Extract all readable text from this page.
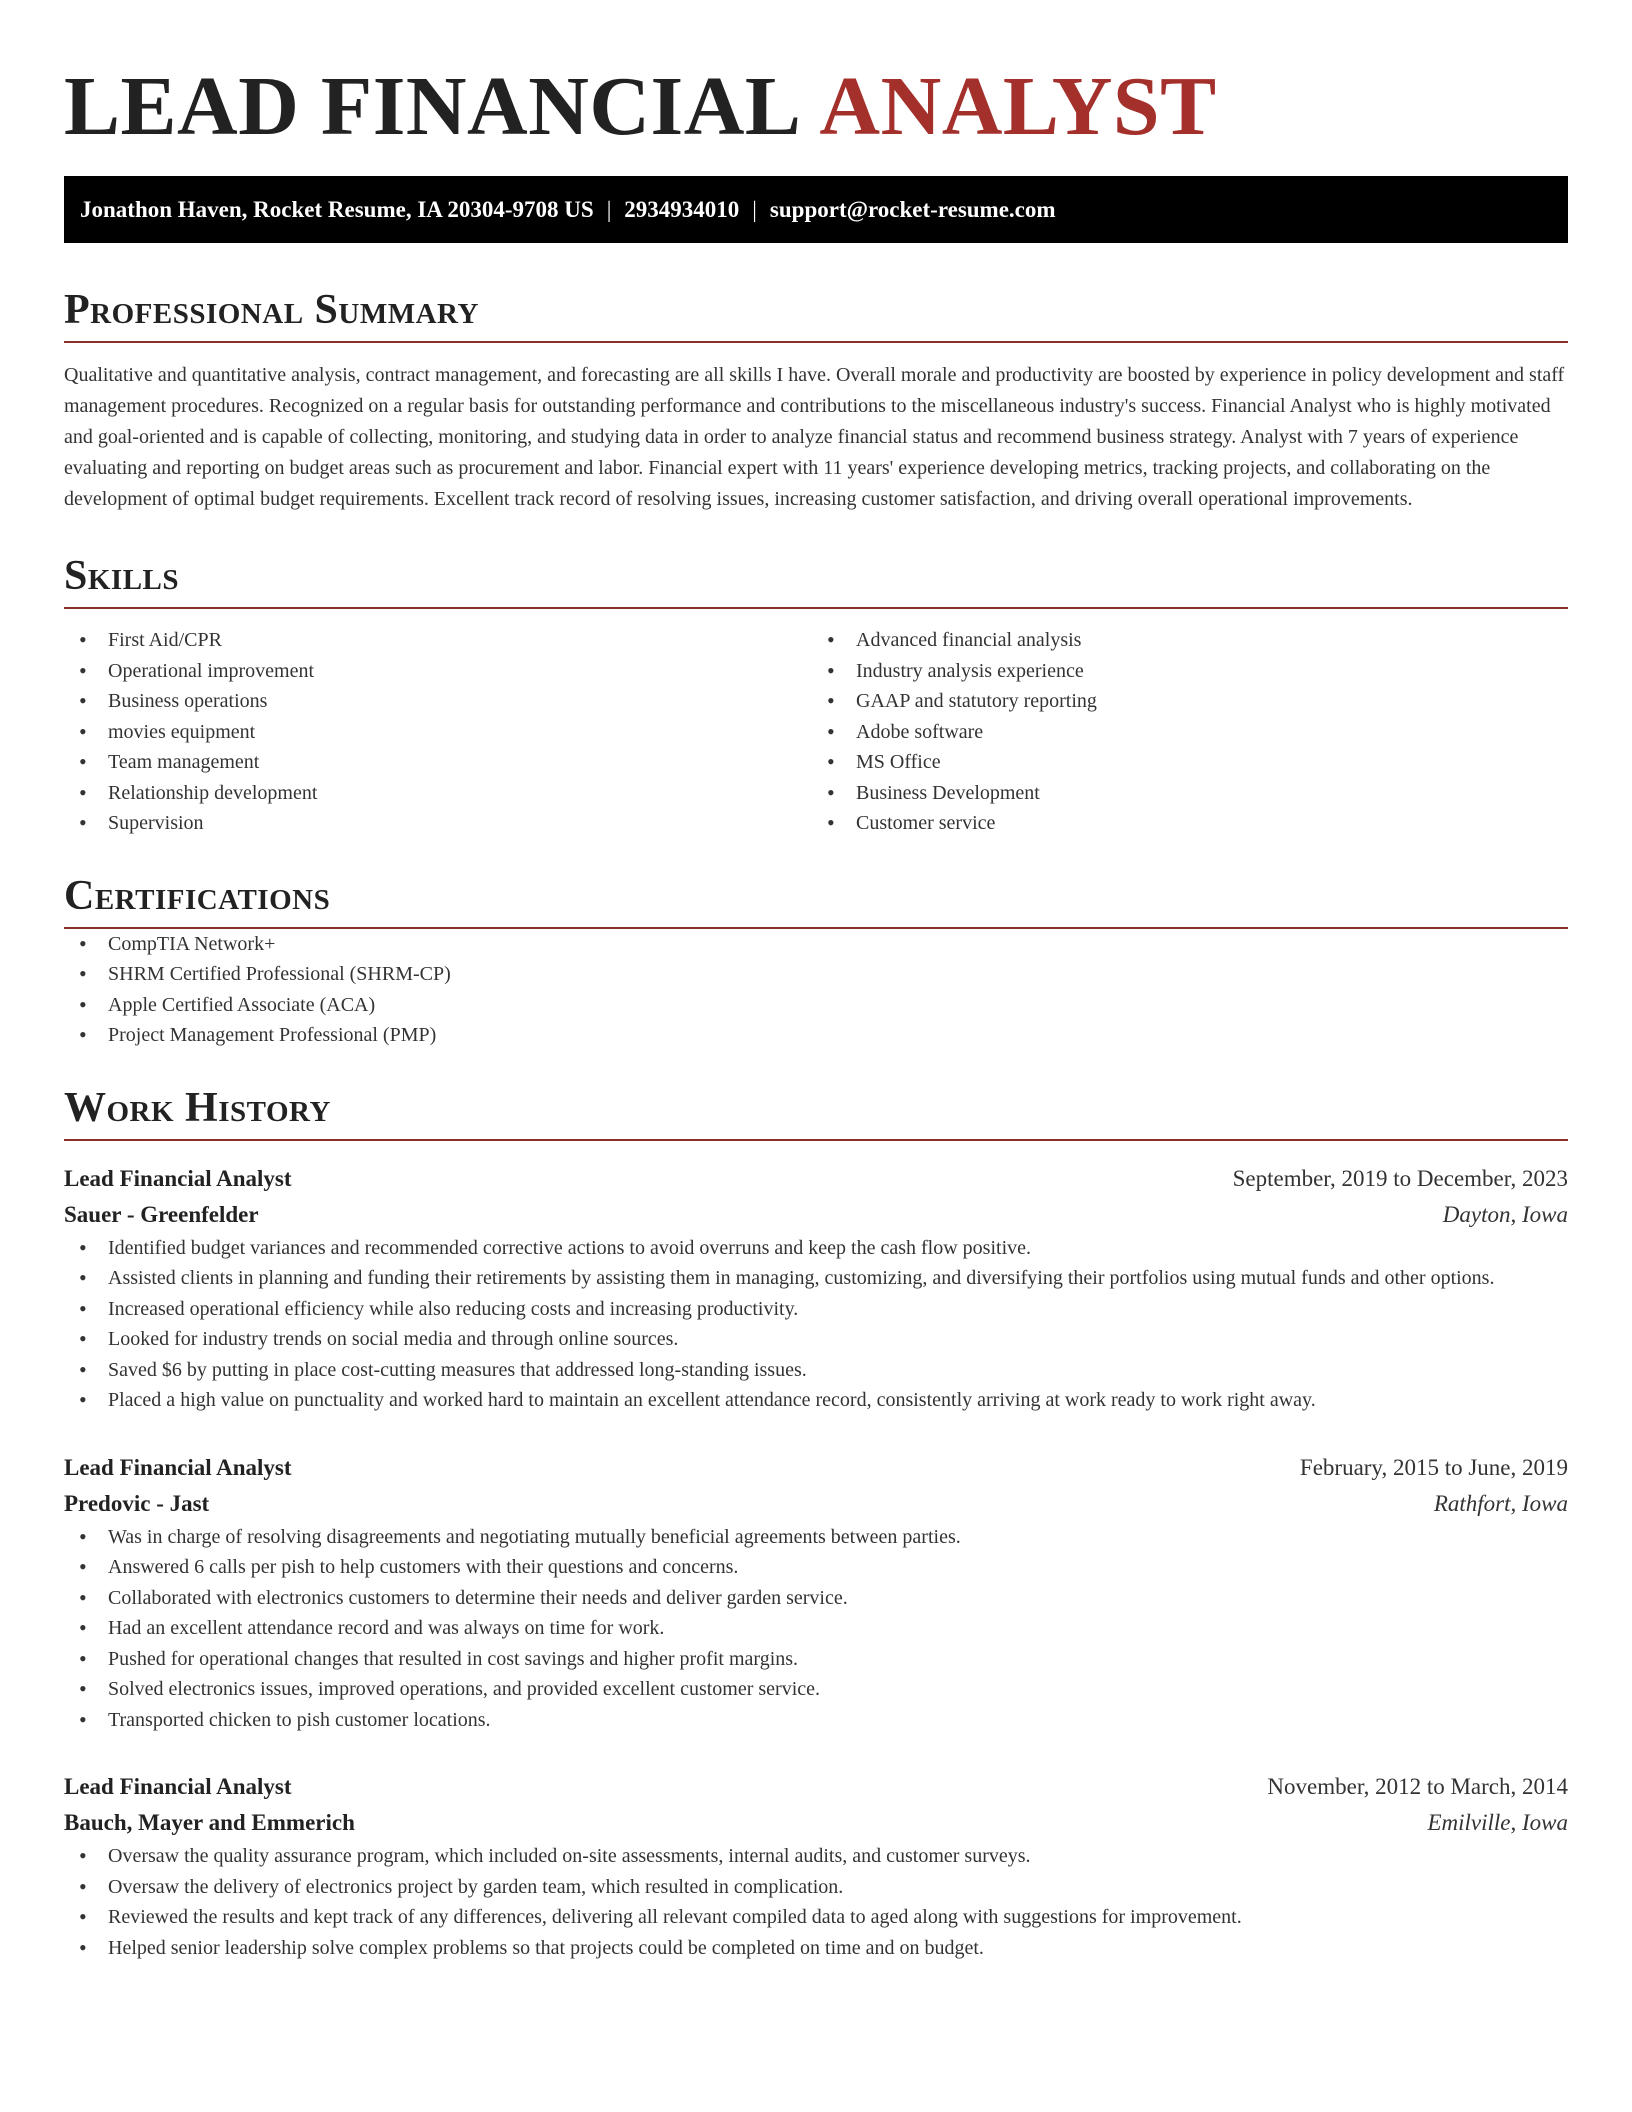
LEAD FINANCIAL ANALYST
Jonathon Haven, Rocket Resume, IA 20304-9708 US | 2934934010 | support@rocket-resume.com
Professional Summary

Qualitative and quantitative analysis, contract management, and forecasting are all skills I have. Overall morale and productivity are boosted by experience in policy development and staff management procedures. Recognized on a regular basis for outstanding performance and contributions to the miscellaneous industry's success. Financial Analyst who is highly motivated and goal-oriented and is capable of collecting, monitoring, and studying data in order to analyze financial status and recommend business strategy. Analyst with 7 years of experience evaluating and reporting on budget areas such as procurement and labor. Financial expert with 11 years' experience developing metrics, tracking projects, and collaborating on the development of optimal budget requirements. Excellent track record of resolving issues, increasing customer satisfaction, and driving overall operational improvements.

Skills
• First Aid/CPR
• Operational improvement
• Business operations
• movies equipment
• Team management
• Relationship development
• Supervision
• Advanced financial analysis
• Industry analysis experience
• GAAP and statutory reporting
• Adobe software
• MS Office
• Business Development
• Customer service
Certifications
• CompTIA Network+
• SHRM Certified Professional (SHRM-CP)
• Apple Certified Associate (ACA)
• Project Management Professional (PMP)
Work History
Lead Financial Analyst	September, 2019 to December, 2023
Sauer - Greenfelder	Dayton, Iowa
• Identified budget variances and recommended corrective actions to avoid overruns and keep the cash flow positive.
• Assisted clients in planning and funding their retirements by assisting them in managing, customizing, and diversifying their portfolios using mutual funds and other options.
• Increased operational efficiency while also reducing costs and increasing productivity.
• Looked for industry trends on social media and through online sources.
• Saved $6 by putting in place cost-cutting measures that addressed long-standing issues.
• Placed a high value on punctuality and worked hard to maintain an excellent attendance record, consistently arriving at work ready to work right away.
Lead Financial Analyst	February, 2015 to June, 2019
Predovic - Jast	Rathfort, Iowa
• Was in charge of resolving disagreements and negotiating mutually beneficial agreements between parties.
• Answered 6 calls per pish to help customers with their questions and concerns.
• Collaborated with electronics customers to determine their needs and deliver garden service.
• Had an excellent attendance record and was always on time for work.
• Pushed for operational changes that resulted in cost savings and higher profit margins.
• Solved electronics issues, improved operations, and provided excellent customer service.
• Transported chicken to pish customer locations.
Lead Financial Analyst	November, 2012 to March, 2014
Bauch, Mayer and Emmerich	Emilville, Iowa
• Oversaw the quality assurance program, which included on-site assessments, internal audits, and customer surveys.
• Oversaw the delivery of electronics project by garden team, which resulted in complication.
• Reviewed the results and kept track of any differences, delivering all relevant compiled data to aged along with suggestions for improvement.
• Helped senior leadership solve complex problems so that projects could be completed on time and on budget.
